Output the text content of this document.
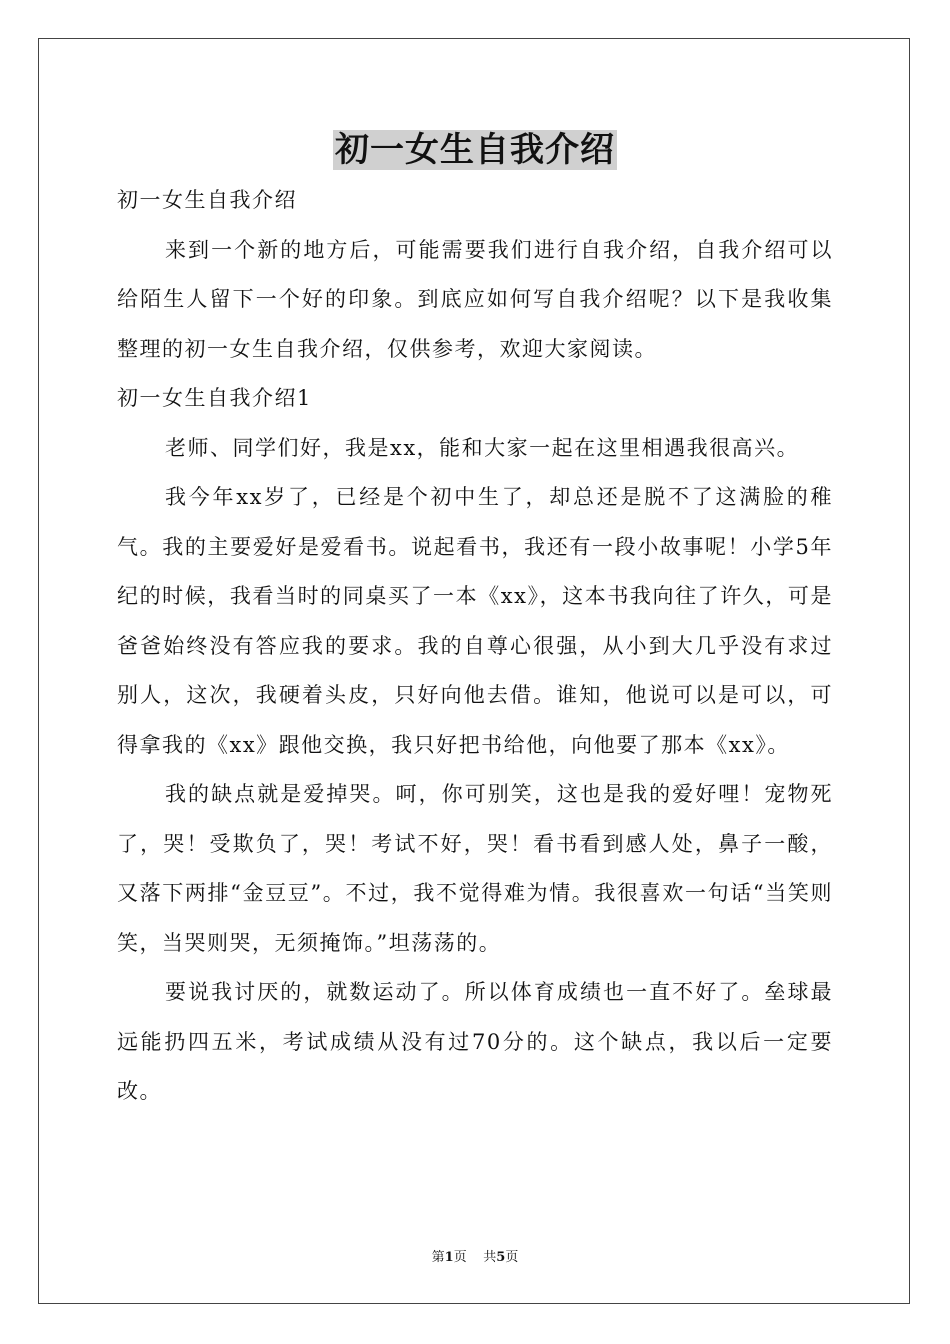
初一女生自我介绍

初一女生自我介绍

来到一个新的地方后，可能需要我们进行自我介绍，自我介绍可以给陌生人留下一个好的印象。到底应如何写自我介绍呢？以下是我收集整理的初一女生自我介绍，仅供参考，欢迎大家阅读。

初一女生自我介绍1

老师、同学们好，我是xx，能和大家一起在这里相遇我很高兴。

我今年xx岁了，已经是个初中生了，却总还是脱不了这满脸的稚气。我的主要爱好是爱看书。说起看书，我还有一段小故事呢！小学5年纪的时候，我看当时的同桌买了一本《xx》，这本书我向往了许久，可是爸爸始终没有答应我的要求。我的自尊心很强，从小到大几乎没有求过别人，这次，我硬着头皮，只好向他去借。谁知，他说可以是可以，可得拿我的《xx》跟他交换，我只好把书给他，向他要了那本《xx》。

我的缺点就是爱掉哭。呵，你可别笑，这也是我的爱好哩！宠物死了，哭！受欺负了，哭！考试不好，哭！看书看到感人处，鼻子一酸，又落下两排“金豆豆”。不过，我不觉得难为情。我很喜欢一句话“当笑则笑，当哭则哭，无须掩饰。”坦荡荡的。

要说我讨厌的，就数运动了。所以体育成绩也一直不好了。垒球最远能扔四五米，考试成绩从没有过70分的。这个缺点，我以后一定要改。

第1页 共5页
